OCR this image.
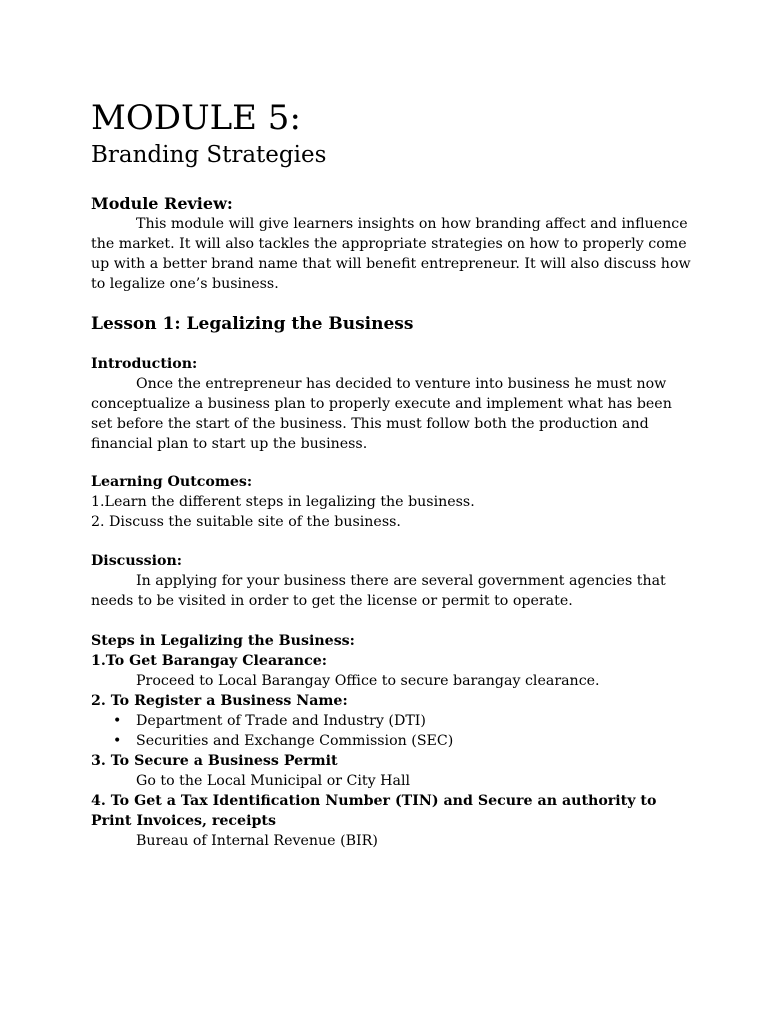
MODULE 5:
Branding Strategies
Module Review:

This module will give learners insights on how branding affect and influence the market. It will also tackles the appropriate strategies on how to properly come up with a better brand name that will benefit entrepreneur. It will also discuss how to legalize one’s business.

Lesson 1: Legalizing the Business
Introduction:

Once the entrepreneur has decided to venture into business he must now conceptualize a business plan to properly execute and implement what has been set before the start of the business. This must follow both the production and financial plan to start up the business.

Learning Outcomes:
1.Learn the different steps in legalizing the business.
2. Discuss the suitable site of the business.
Discussion:

In applying for your business there are several government agencies that needs to be visited in order to get the license or permit to operate.

Steps in Legalizing the Business:
1.To Get Barangay Clearance:
Proceed to Local Barangay Office to secure barangay clearance.
2. To Register a Business Name:
• Department of Trade and Industry (DTI)
• Securities and Exchange Commission (SEC)
3. To Secure a Business Permit
Go to the Local Municipal or City Hall
4. To Get a Tax Identification Number (TIN) and Secure an authority to Print Invoices, receipts
Bureau of Internal Revenue (BIR)
